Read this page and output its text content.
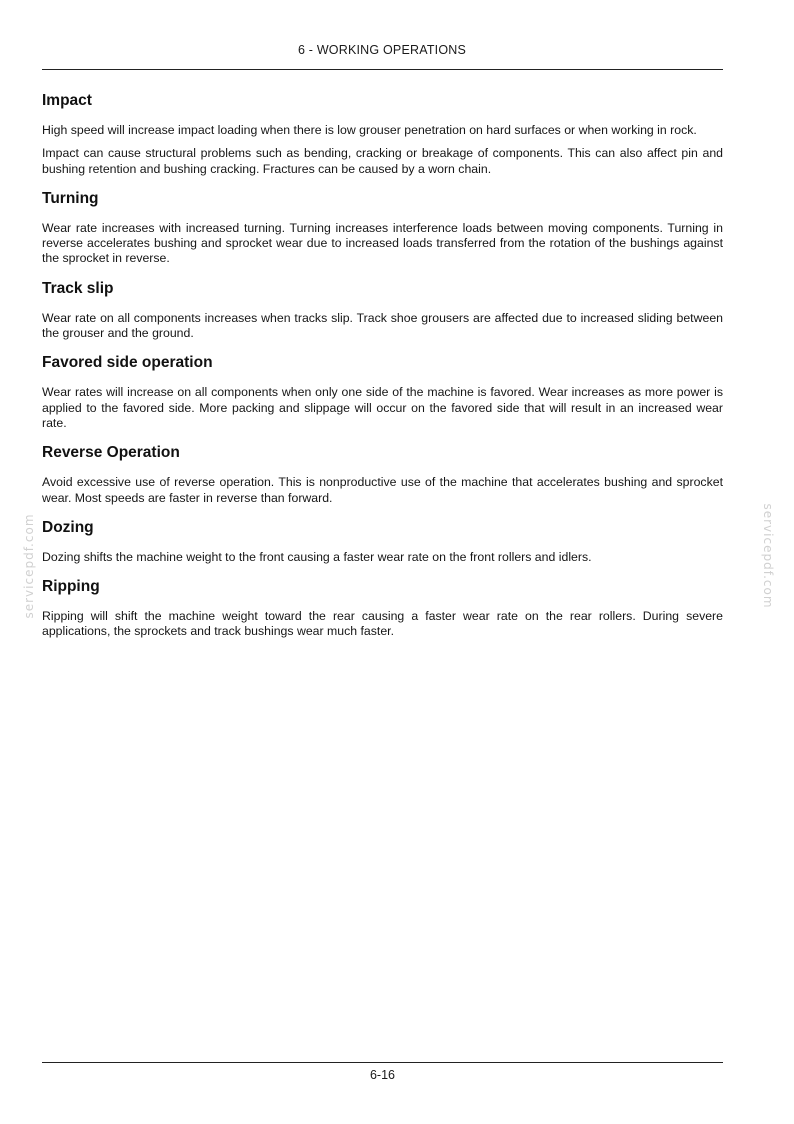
6 - WORKING OPERATIONS
Impact

High speed will increase impact loading when there is low grouser penetration on hard surfaces or when working in rock.

Impact can cause structural problems such as bending, cracking or breakage of components. This can also affect pin and bushing retention and bushing cracking. Fractures can be caused by a worn chain.

Turning

Wear rate increases with increased turning. Turning increases interference loads between moving components. Turning in reverse accelerates bushing and sprocket wear due to increased loads transferred from the rotation of the bushings against the sprocket in reverse.

Track slip

Wear rate on all components increases when tracks slip. Track shoe grousers are affected due to increased sliding between the grouser and the ground.

Favored side operation

Wear rates will increase on all components when only one side of the machine is favored. Wear increases as more power is applied to the favored side. More packing and slippage will occur on the favored side that will result in an increased wear rate.

Reverse Operation

Avoid excessive use of reverse operation. This is nonproductive use of the machine that accelerates bushing and sprocket wear. Most speeds are faster in reverse than forward.

Dozing

Dozing shifts the machine weight to the front causing a faster wear rate on the front rollers and idlers.

Ripping

Ripping will shift the machine weight toward the rear causing a faster wear rate on the rear rollers. During severe applications, the sprockets and track bushings wear much faster.

6-16
servicepdf.com	servicepdf.com
